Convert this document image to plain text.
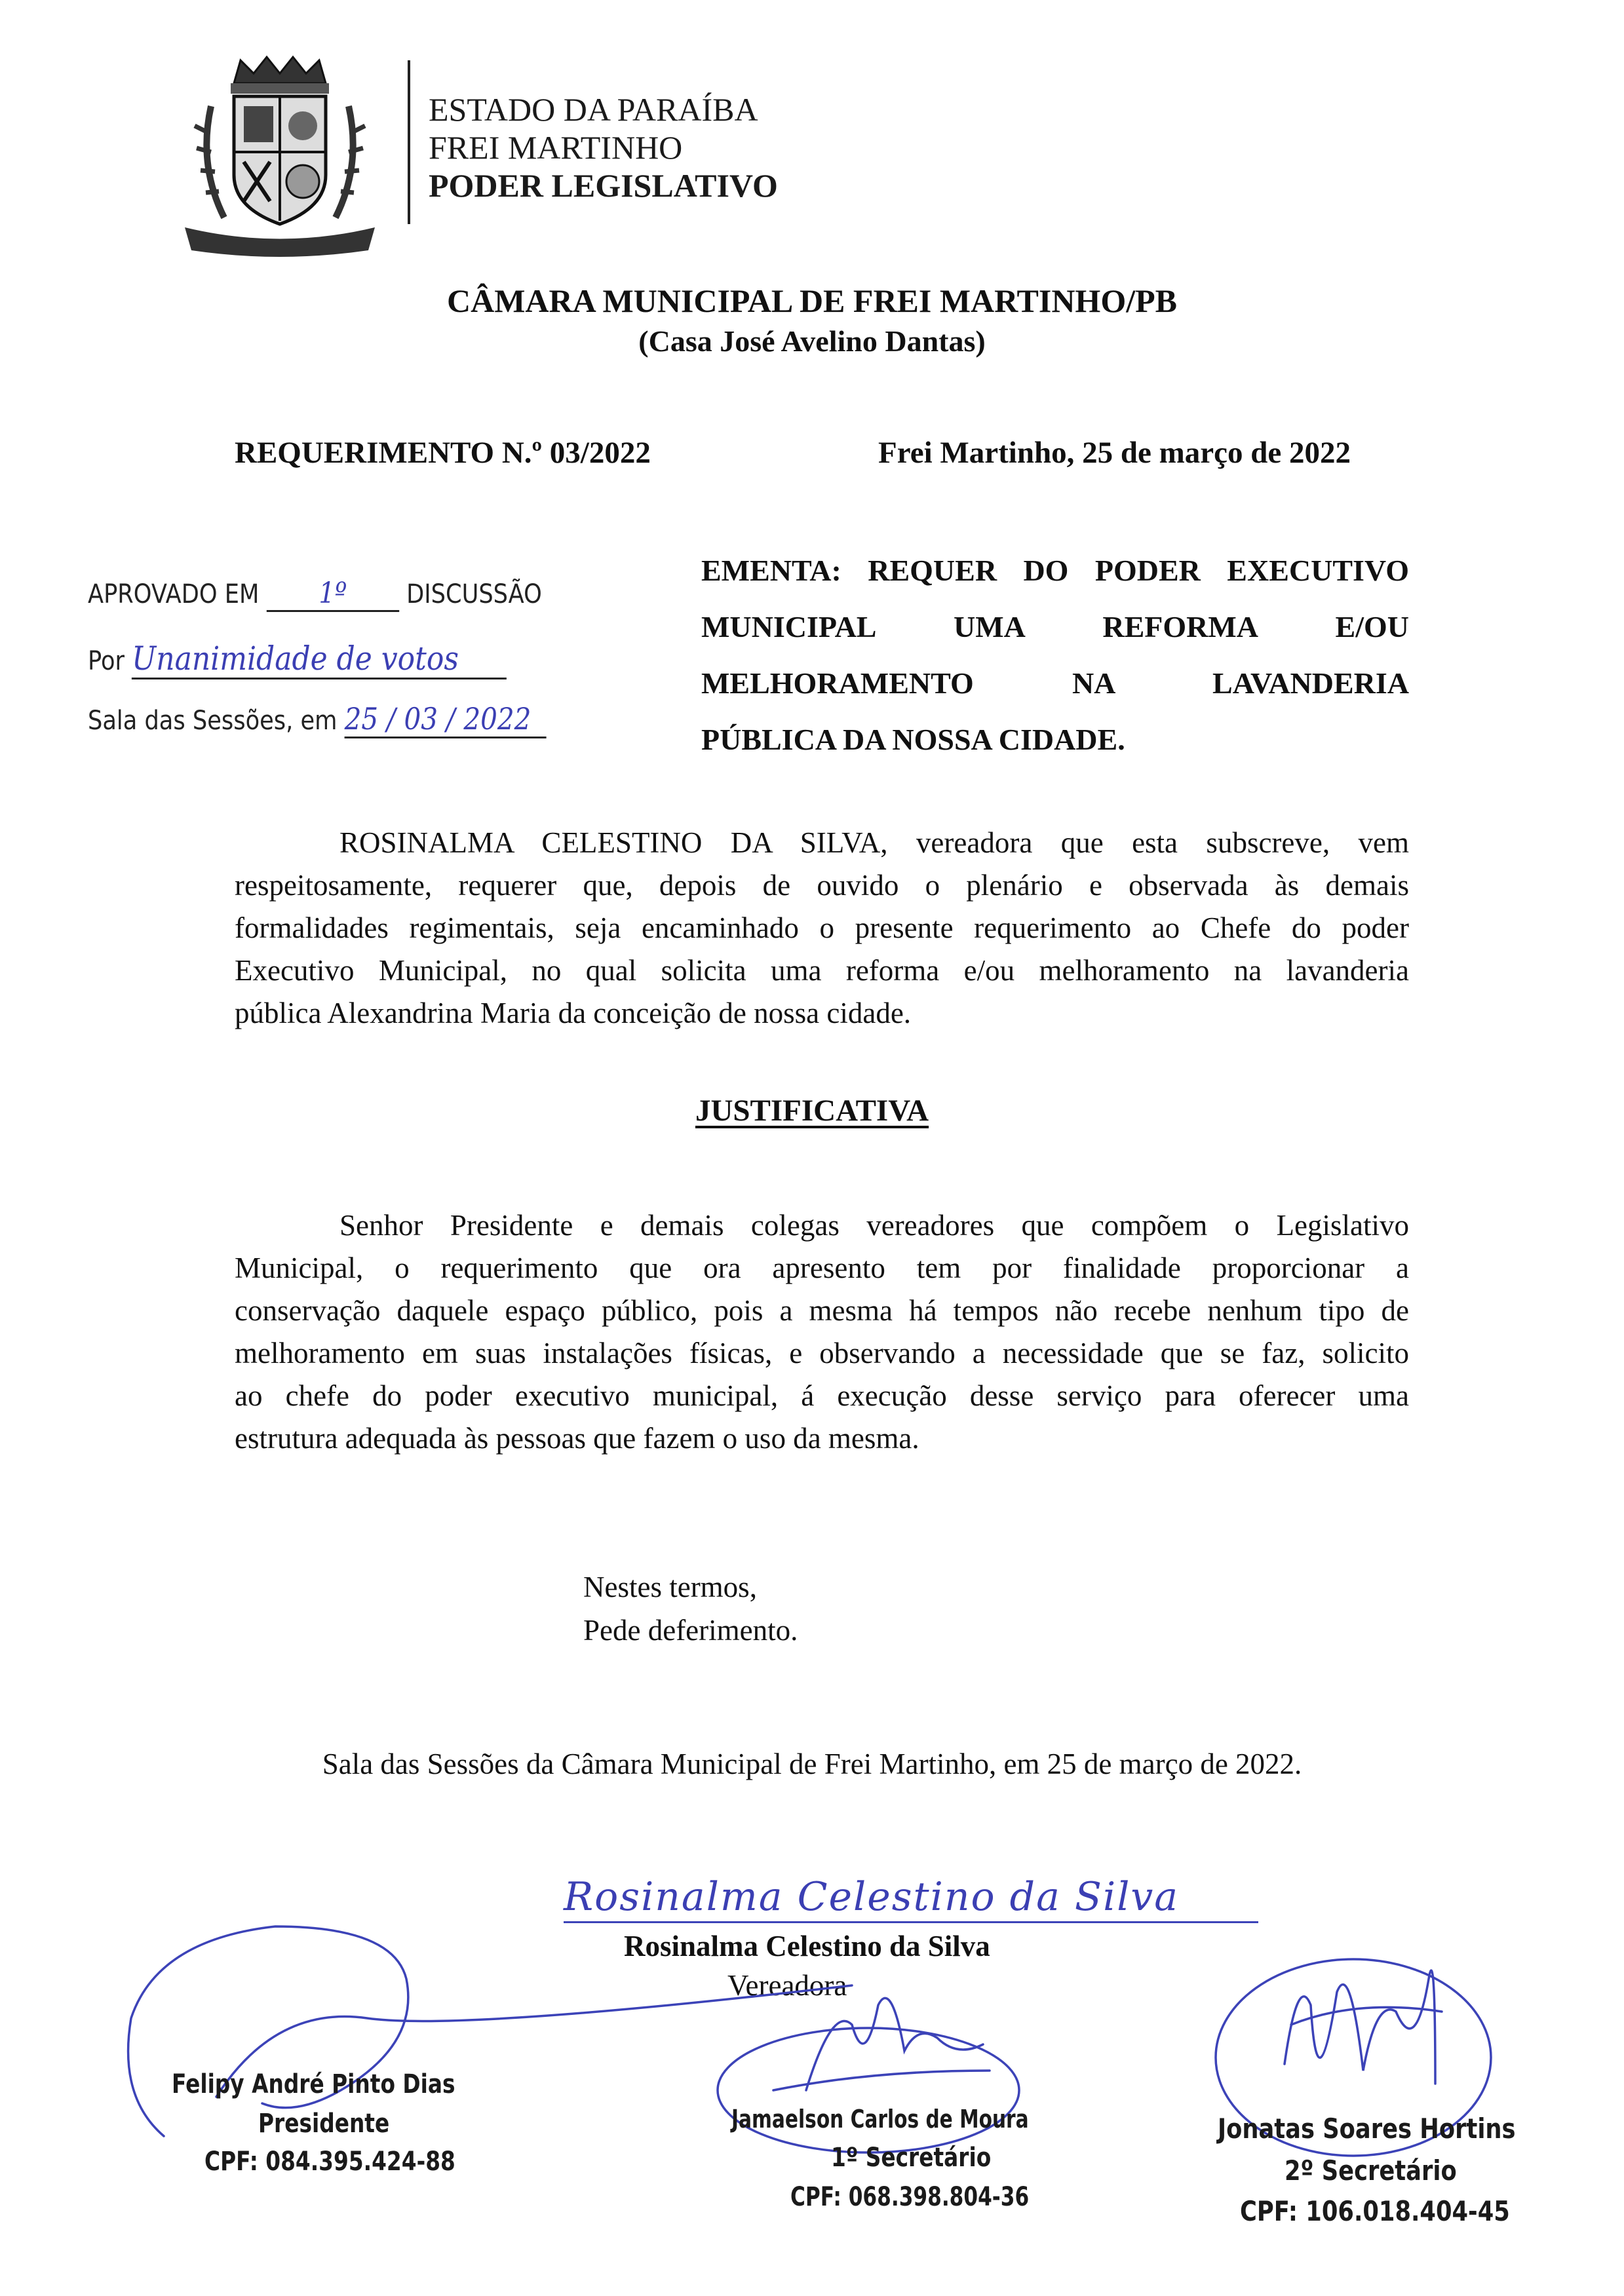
ESTADO DA PARAÍBA
FREI MARTINHO
PODER LEGISLATIVO
CÂMARA MUNICIPAL DE FREI MARTINHO/PB
(Casa José Avelino Dantas)
REQUERIMENTO N.º 03/2022	Frei Martinho, 25 de março de 2022
APROVADO EM 1º DISCUSSÃO
Por Unanimidade de votos
Sala das Sessões, em 25 / 03 / 2022
EMENTA: REQUER DO PODER EXECUTIVO
MUNICIPAL UMA REFORMA E/OU
MELHORAMENTO NA LAVANDERIA
PÚBLICA DA NOSSA CIDADE.
ROSINALMA CELESTINO DA SILVA, vereadora que esta subscreve, vem
respeitosamente, requerer que, depois de ouvido o plenário e observada às demais
formalidades regimentais, seja encaminhado o presente requerimento ao Chefe do poder
Executivo Municipal, no qual solicita uma reforma e/ou melhoramento na lavanderia
pública Alexandrina Maria da conceição de nossa cidade.
JUSTIFICATIVA
Senhor Presidente e demais colegas vereadores que compõem o Legislativo
Municipal, o requerimento que ora apresento tem por finalidade proporcionar a
conservação daquele espaço público, pois a mesma há tempos não recebe nenhum tipo de
melhoramento em suas instalações físicas, e observando a necessidade que se faz, solicito
ao chefe do poder executivo municipal, á execução desse serviço para oferecer uma
estrutura adequada às pessoas que fazem o uso da mesma.
Nestes termos,
Pede deferimento.
Sala das Sessões da Câmara Municipal de Frei Martinho, em 25 de março de 2022.
Rosinalma Celestino da Silva
Rosinalma Celestino da Silva
Vereadora
Felipy André Pinto Dias
Presidente
CPF: 084.395.424-88
Jamaelson Carlos de Moura
1º Secretário
CPF: 068.398.804-36
Jonatas Soares Hortins
2º Secretário
CPF: 106.018.404-45
